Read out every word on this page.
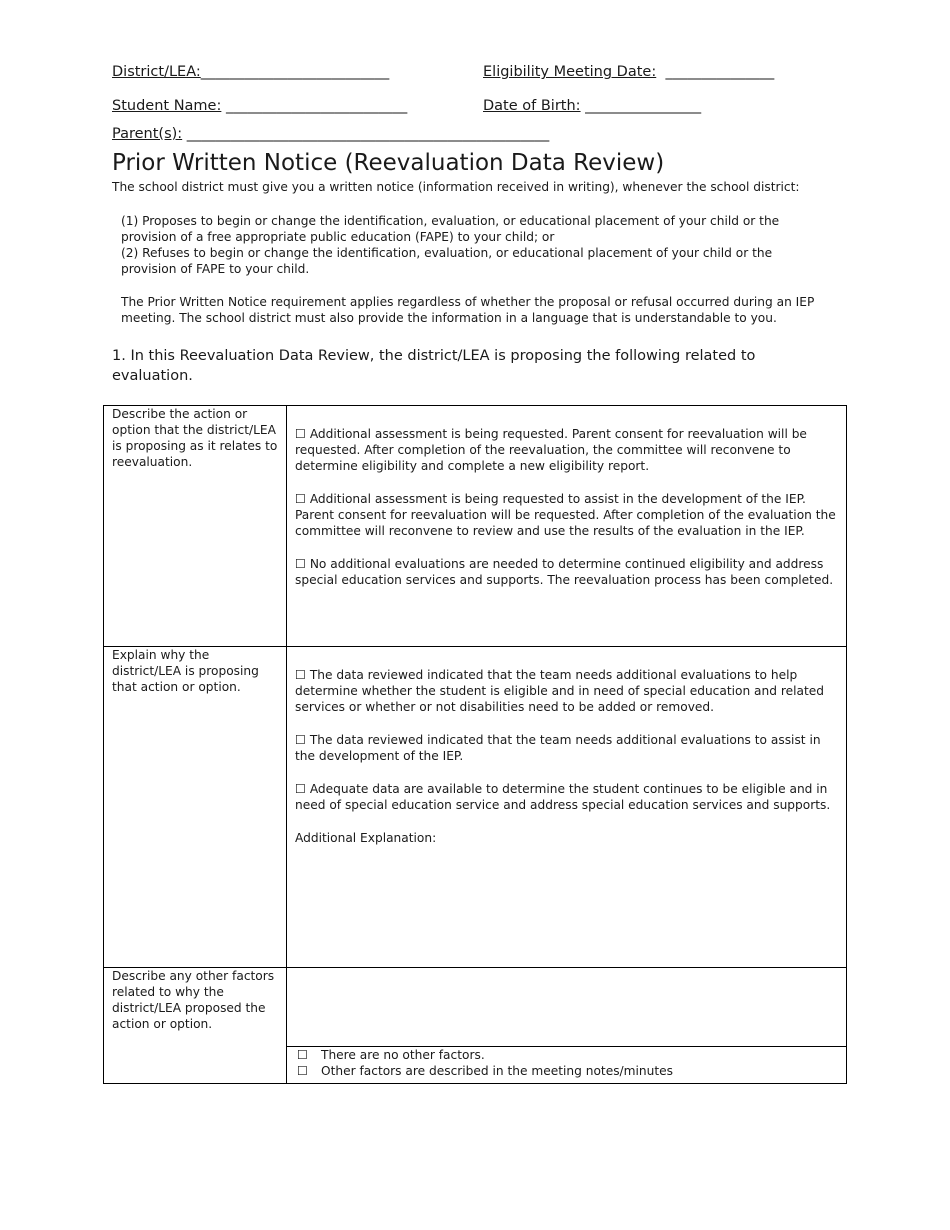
District/LEA:__________________________	Eligibility Meeting Date: _______________
Student Name: _________________________	Date of Birth: ________________
Parent(s): __________________________________________________
Prior Written Notice (Reevaluation Data Review)
The school district must give you a written notice (information received in writing), whenever the school district:

(1) Proposes to begin or change the identification, evaluation, or educational placement of your child or the provision of a free appropriate public education (FAPE) to your child; or

(2) Refuses to begin or change the identification, evaluation, or educational placement of your child or the provision of FAPE to your child.

The Prior Written Notice requirement applies regardless of whether the proposal or refusal occurred during an IEP meeting. The school district must also provide the information in a language that is understandable to you.
1. In this Reevaluation Data Review, the district/LEA is proposing the following related to evaluation.
Describe the action or option that the district/LEA is proposing as it relates to reevaluation.	☐ Additional assessment is being requested. Parent consent for reevaluation will be requested. After completion of the reevaluation, the committee will reconvene to determine eligibility and complete a new eligibility report.

☐ Additional assessment is being requested to assist in the development of the IEP. Parent consent for reevaluation will be requested. After completion of the evaluation the committee will reconvene to review and use the results of the evaluation in the IEP.

☐ No additional evaluations are needed to determine continued eligibility and address special education services and supports. The reevaluation process has been completed.

Explain why the district/LEA is proposing that action or option.	☐ The data reviewed indicated that the team needs additional evaluations to help determine whether the student is eligible and in need of special education and related services or whether or not disabilities need to be added or removed.

☐ The data reviewed indicated that the team needs additional evaluations to assist in the development of the IEP.

☐ Adequate data are available to determine the student continues to be eligible and in need of special education service and address special education services and supports.

Additional Explanation:

Describe any other factors related to why the district/LEA proposed the action or option.	

	☐ There are no other factors.
☐ Other factors are described in the meeting notes/minutes
